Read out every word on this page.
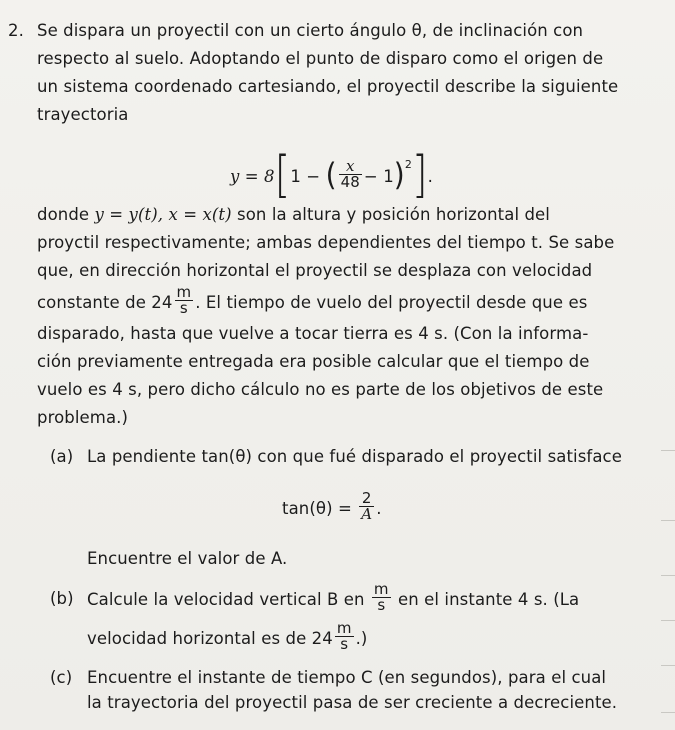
2. Se dispara un proyectil con un cierto ángulo θ, de inclinación con
respecto al suelo. Adoptando el punto de disparo como el origen de
un sistema coordenado cartesiando, el proyectil describe la siguiente
trayectoria
y = 8[1 − ( $\frac{x}{48} - 1)^2$].
donde y = y(t), x = x(t) son la altura y posición horizontal del
proyctil respectivamente; ambas dependientes del tiempo t. Se sabe
que, en dirección horizontal el proyectil se desplaza con velocidad
constante de $24 \frac{m}{s}$ . El tiempo de vuelo del proyectil desde que es
disparado, hasta que vuelve a tocar tierra es 4 s. (Con la informa-
ción previamente entregada era posible calcular que el tiempo de
vuelo es 4 s, pero dicho cálculo no es parte de los objetivos de este
problema.)
(a) La pendiente tan(θ) con que fué disparado el proyectil satisface
$\tan(\theta) = \frac{2}{A}$ .
Encuentre el valor de A.
(b) Calcule la velocidad vertical B en $\frac{m}{s}$ en el instante 4 s. (La
velocidad horizontal es de $24 \frac{m}{s}$ .)
(c) Encuentre el instante de tiempo C (en segundos), para el cual
la trayectoria del proyectil pasa de ser creciente a decreciente.
